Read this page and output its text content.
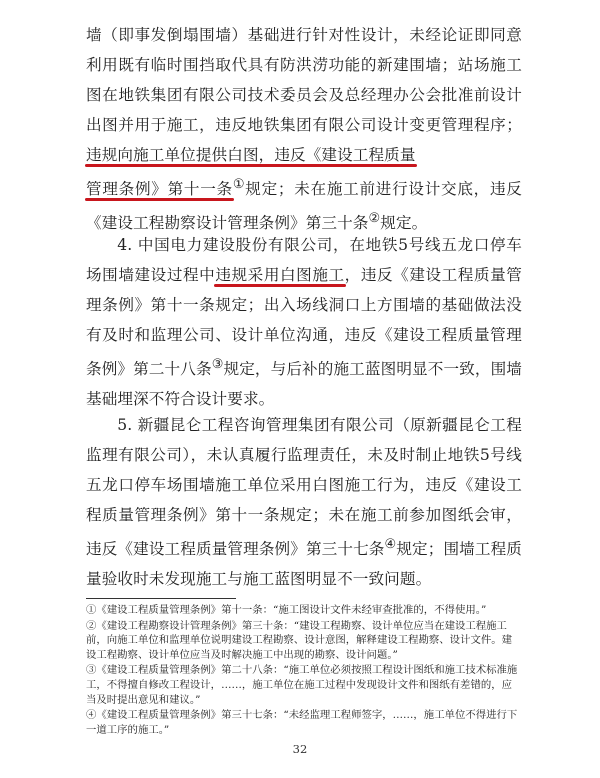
墙（即事发倒塌围墙）基础进行针对性设计，未经论证即同意利用既有临时围挡取代具有防洪涝功能的新建围墙；站场施工图在地铁集团有限公司技术委员会及总经理办公会批准前设计出图并用于施工，违反地铁集团有限公司设计变更管理程序；违规向施工单位提供白图，违反《建设工程质量
管理条例》第十一条①规定；未在施工前进行设计交底，违反《建设工程勘察设计管理条例》第三十条②规定。

4. 中国电力建设股份有限公司，在地铁5号线五龙口停车场围墙建设过程中违规采用白图施工，违反《建设工程质量管理条例》第十一条规定；出入场线洞口上方围墙的基础做法没有及时和监理公司、设计单位沟通，违反《建设工程质量管理条例》第二十八条③规定，与后补的施工蓝图明显不一致，围墙基础埋深不符合设计要求。

5. 新疆昆仑工程咨询管理集团有限公司（原新疆昆仑工程监理有限公司），未认真履行监理责任，未及时制止地铁5号线五龙口停车场围墙施工单位采用白图施工行为，违反《建设工程质量管理条例》第十一条规定；未在施工前参加图纸会审，违反《建设工程质量管理条例》第三十七条④规定；围墙工程质量验收时未发现施工与施工蓝图明显不一致问题。

①《建设工程质量管理条例》第十一条：“施工图设计文件未经审查批准的，不得使用。”

②《建设工程勘察设计管理条例》第三十条：“建设工程勘察、设计单位应当在建设工程施工前，向施工单位和监理单位说明建设工程勘察、设计意图，解释建设工程勘察、设计文件。建设工程勘察、设计单位应当及时解决施工中出现的勘察、设计问题。”

③《建设工程质量管理条例》第二十八条：“施工单位必须按照工程设计图纸和施工技术标准施工，不得擅自修改工程设计，……，施工单位在施工过程中发现设计文件和图纸有差错的，应当及时提出意见和建议。”

④《建设工程质量管理条例》第三十七条：“未经监理工程师签字，……，施工单位不得进行下一道工序的施工。”

32
